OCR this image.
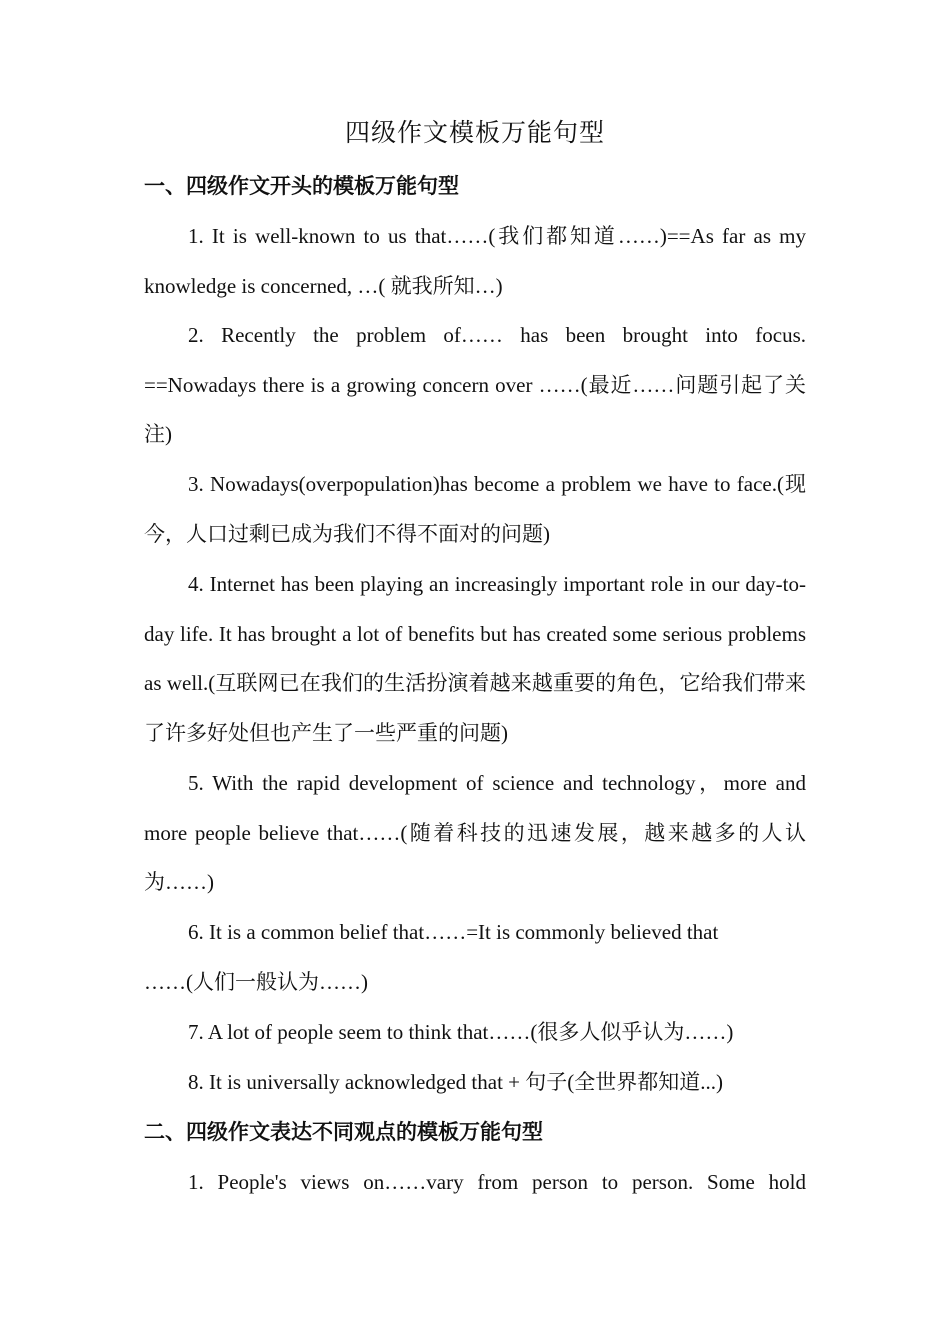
四级作文模板万能句型
一、四级作文开头的模板万能句型
1. It is well-known to us that……(我们都知道……)==As far as my knowledge is concerned, …( 就我所知…)
2. Recently the problem of…… has been brought into focus. ==Nowadays there is a growing concern over ……(最近……问题引起了关注)
3. Nowadays(overpopulation)has become a problem we have to face.(现今，人口过剩已成为我们不得不面对的问题)
4. Internet has been playing an increasingly important role in our day-to-day life. It has brought a lot of benefits but has created some serious problems as well.(互联网已在我们的生活扮演着越来越重要的角色，它给我们带来了许多好处但也产生了一些严重的问题)
5. With the rapid development of science and technology，more and more people believe that……(随着科技的迅速发展，越来越多的人认为……)
6. It is a common belief that……=It is commonly believed that ……(人们一般认为……)
7. A lot of people seem to think that……(很多人似乎认为……)
8. It is universally acknowledged that + 句子(全世界都知道...)
二、四级作文表达不同观点的模板万能句型
1. People's views on……vary from person to person. Some hold
